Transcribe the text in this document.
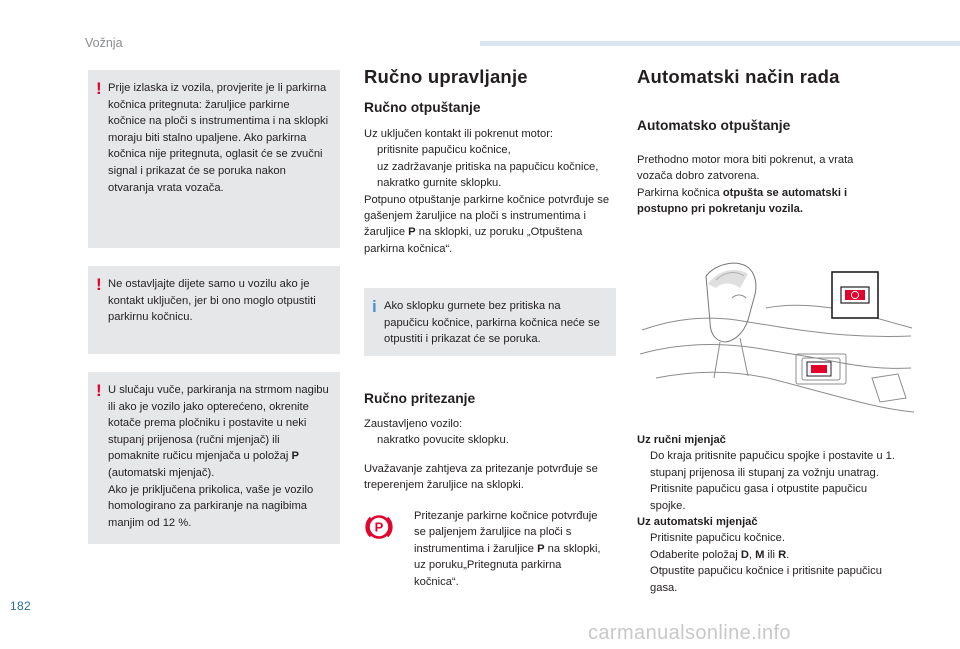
Vožnja
! Prije izlaska iz vozila, provjerite je li parkirna kočnica pritegnuta: žaruljice parkirne kočnice na ploči s instrumentima i na sklopki moraju biti stalno upaljene. Ako parkirna kočnica nije pritegnuta, oglasit će se zvučni signal i prikazat će se poruka nakon otvaranja vrata vozača.
! Ne ostavljajte dijete samo u vozilu ako je kontakt uključen, jer bi ono moglo otpustiti parkirnu kočnicu.
! U slučaju vuče, parkiranja na strmom nagibu ili ako je vozilo jako opterećeno, okrenite kotače prema pločniku i postavite u neki stupanj prijenosa (ručni mjenjač) ili pomaknite ručicu mjenjača u položaj P (automatski mjenjač).
Ako je priključena prikolica, vaše je vozilo homologirano za parkiranje na nagibima manjim od 12 %.
Ručno upravljanje
Ručno otpuštanje
Uz uključen kontakt ili pokrenut motor:
pritisnite papučicu kočnice,
uz zadržavanje pritiska na papučicu kočnice, nakratko gurnite sklopku.
Potpuno otpuštanje parkirne kočnice potvrđuje se gašenjem žaruljice na ploči s instrumentima i žaruljice P na sklopki, uz poruku „Otpuštena parkirna kočnica“.
i Ako sklopku gurnete bez pritiska na papučicu kočnice, parkirna kočnica neće se otpustiti i prikazat će se poruka.
Ručno pritezanje
Zaustavljeno vozilo:
nakratko povucite sklopku.
Uvažavanje zahtjeva za pritezanje potvrđuje se treperenjem žaruljice na sklopki.
P
Pritezanje parkirne kočnice potvrđuje se paljenjem žaruljice na ploči s instrumentima i žaruljice P na sklopki, uz poruku„Pritegnuta parkirna kočnica“.
Automatski način rada
Automatsko otpuštanje
Prethodno motor mora biti pokrenut, a vrata vozača dobro zatvorena.
Parkirna kočnica otpušta se automatski i postupno pri pokretanju vozila.
Uz ručni mjenjač
Do kraja pritisnite papučicu spojke i postavite u 1. stupanj prijenosa ili stupanj za vožnju unatrag.
Pritisnite papučicu gasa i otpustite papučicu spojke.
Uz automatski mjenjač
Pritisnite papučicu kočnice.
Odaberite položaj D, M ili R.
Otpustite papučicu kočnice i pritisnite papučicu gasa.
182
carmanualsonline.info
